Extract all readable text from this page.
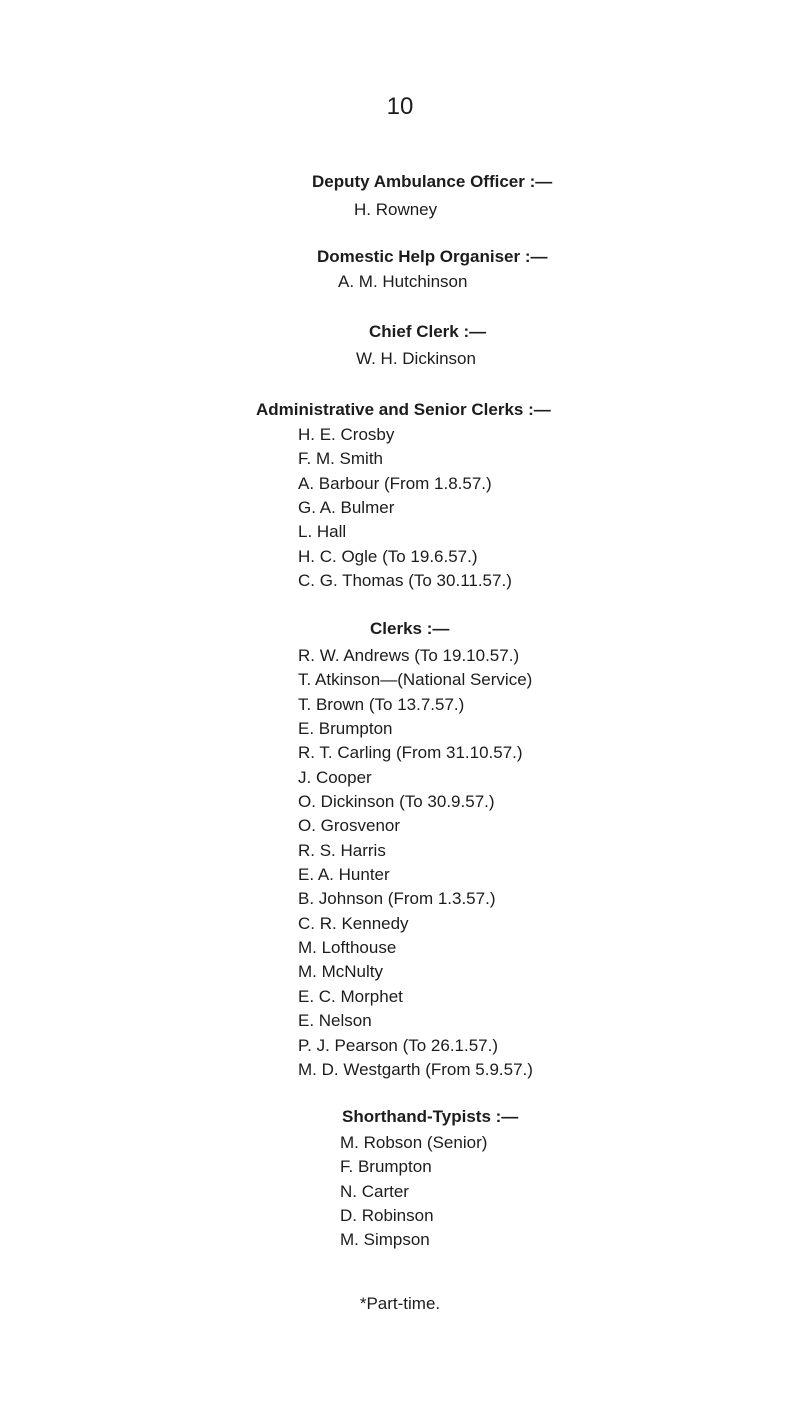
10
Deputy Ambulance Officer :—
H. Rowney
Domestic Help Organiser :—
A. M. Hutchinson
Chief Clerk :—
W. H. Dickinson
Administrative and Senior Clerks :—
H. E. Crosby
F. M. Smith
A. Barbour (From 1.8.57.)
G. A. Bulmer
L. Hall
H. C. Ogle (To 19.6.57.)
C. G. Thomas (To 30.11.57.)
Clerks :—
R. W. Andrews (To 19.10.57.)
T. Atkinson—(National Service)
T. Brown (To 13.7.57.)
E. Brumpton
R. T. Carling (From 31.10.57.)
J. Cooper
O. Dickinson (To 30.9.57.)
O. Grosvenor
R. S. Harris
E. A. Hunter
B. Johnson (From 1.3.57.)
C. R. Kennedy
M. Lofthouse
M. McNulty
E. C. Morphet
E. Nelson
P. J. Pearson (To 26.1.57.)
M. D. Westgarth (From 5.9.57.)
Shorthand-Typists :—
M. Robson (Senior)
F. Brumpton
N. Carter
D. Robinson
M. Simpson
*Part-time.
